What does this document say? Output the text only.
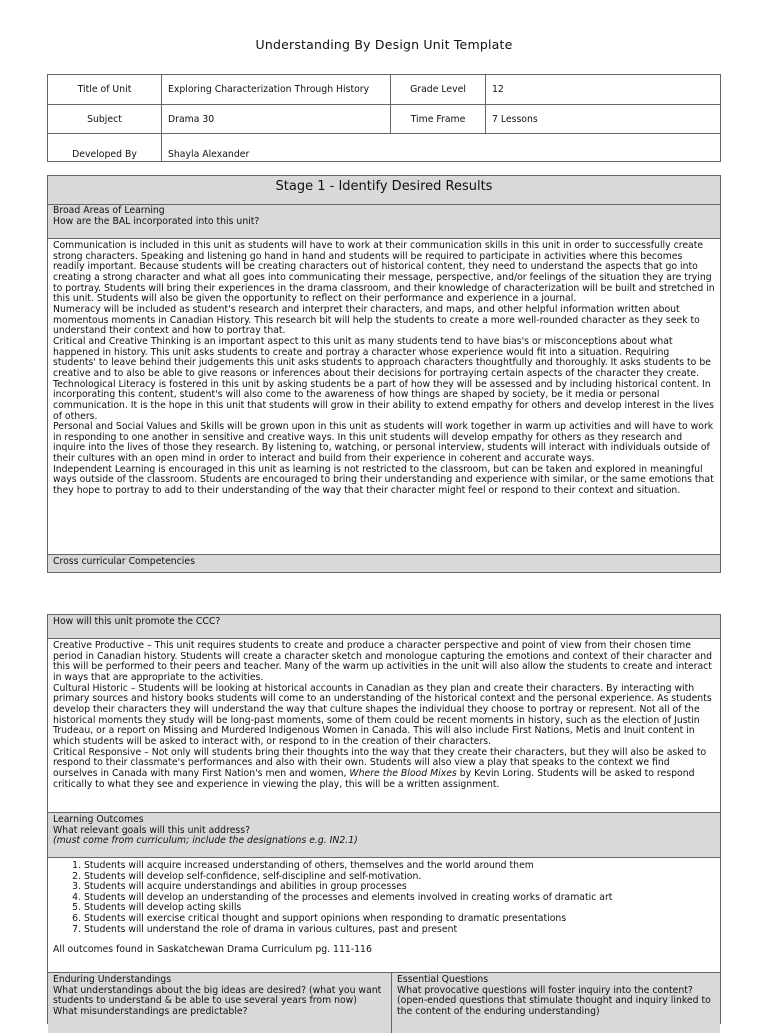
Understanding By Design Unit Template
Title of Unit	Exploring Characterization Through History	Grade Level	12
Subject	Drama 30	Time Frame	7 Lessons
Developed By	Shayla Alexander		
Stage 1 - Identify Desired Results
Broad Areas of Learning
How are the BAL incorporated into this unit?

Communication is included in this unit as students will have to work at their communication skills in this unit in order to successfully create strong characters. Speaking and listening go hand in hand and students will be required to participate in activities where this becomes readily important. Because students will be creating characters out of historical content, they need to understand the aspects that go into creating a strong character and what all goes into communicating their message, perspective, and/or feelings of the situation they are trying to portray. Students will bring their experiences in the drama classroom, and their knowledge of characterization will be built and stretched in this unit. Students will also be given the opportunity to reflect on their performance and experience in a journal.

Numeracy will be included as student's research and interpret their characters, and maps, and other helpful information written about momentous moments in Canadian History. This research bit will help the students to create a more well-rounded character as they seek to understand their context and how to portray that.

Critical and Creative Thinking is an important aspect to this unit as many students tend to have bias's or misconceptions about what happened in history. This unit asks students to create and portray a character whose experience would fit into a situation. Requiring students' to leave behind their judgements this unit asks students to approach characters thoughtfully and thoroughly. It asks students to be creative and to also be able to give reasons or inferences about their decisions for portraying certain aspects of the character they create.

Technological Literacy is fostered in this unit by asking students be a part of how they will be assessed and by including historical content. In incorporating this content, student's will also come to the awareness of how things are shaped by society, be it media or personal communication. It is the hope in this unit that students will grow in their ability to extend empathy for others and develop interest in the lives of others.

Personal and Social Values and Skills will be grown upon in this unit as students will work together in warm up activities and will have to work in responding to one another in sensitive and creative ways. In this unit students will develop empathy for others as they research and inquire into the lives of those they research. By listening to, watching, or personal interview, students will interact with individuals outside of their cultures with an open mind in order to interact and build from their experience in coherent and accurate ways.

Independent Learning is encouraged in this unit as learning is not restricted to the classroom, but can be taken and explored in meaningful ways outside of the classroom. Students are encouraged to bring their understanding and experience with similar, or the same emotions that they hope to portray to add to their understanding of the way that their character might feel or respond to their context and situation.

Cross curricular Competencies
How will this unit promote the CCC?

Creative Productive – This unit requires students to create and produce a character perspective and point of view from their chosen time period in Canadian history. Students will create a character sketch and monologue capturing the emotions and context of their character and this will be performed to their peers and teacher. Many of the warm up activities in the unit will also allow the students to create and interact in ways that are appropriate to the activities.

Cultural Historic – Students will be looking at historical accounts in Canadian as they plan and create their characters. By interacting with primary sources and history books students will come to an understanding of the historical context and the personal experience. As students develop their characters they will understand the way that culture shapes the individual they choose to portray or represent. Not all of the historical moments they study will be long-past moments, some of them could be recent moments in history, such as the election of Justin Trudeau, or a report on Missing and Murdered Indigenous Women in Canada. This will also include First Nations, Metis and Inuit content in which students will be asked to interact with, or respond to in the creation of their characters.

Critical Responsive – Not only will students bring their thoughts into the way that they create their characters, but they will also be asked to respond to their classmate's performances and also with their own. Students will also view a play that speaks to the context we find ourselves in Canada with many First Nation's men and women, Where the Blood Mixes by Kevin Loring. Students will be asked to respond critically to what they see and experience in viewing the play, this will be a written assignment.

Learning Outcomes
What relevant goals will this unit address?
(must come from curriculum; include the designations e.g. IN2.1)
1. Students will acquire increased understanding of others, themselves and the world around them
2. Students will develop self-confidence, self-discipline and self-motivation.
3. Students will acquire understandings and abilities in group processes
4. Students will develop an understanding of the processes and elements involved in creating works of dramatic art
5. Students will develop acting skills
6. Students will exercise critical thought and support opinions when responding to dramatic presentations
7. Students will understand the role of drama in various cultures, past and present
All outcomes found in Saskatchewan Drama Curriculum pg. 111-116
Enduring Understandings
What understandings about the big ideas are desired? (what you want students to understand & be able to use several years from now)
What misunderstandings are predictable?
Essential Questions
What provocative questions will foster inquiry into the content?
(open-ended questions that stimulate thought and inquiry linked to the content of the enduring understanding)
